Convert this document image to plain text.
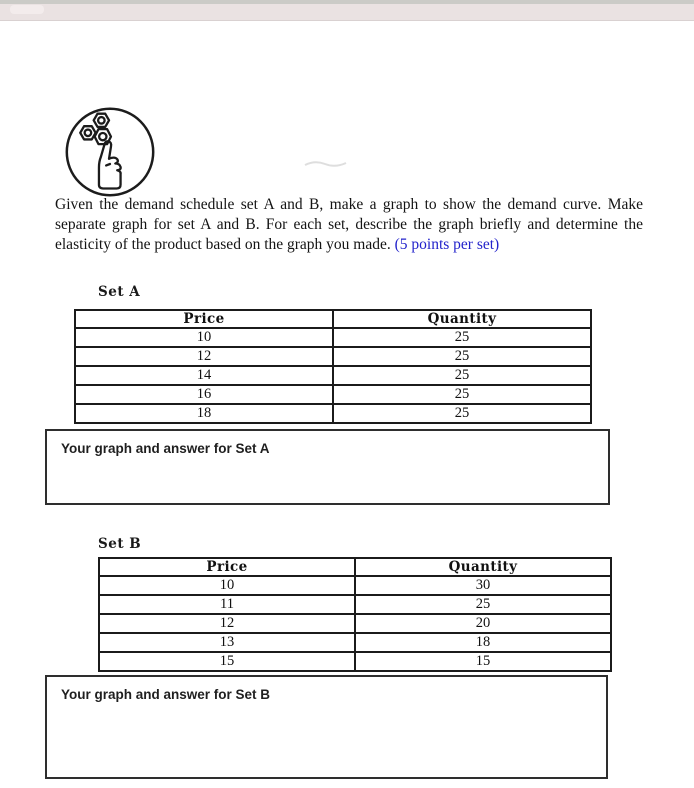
Given the demand schedule set A and B, make a graph to show the demand curve. Make separate graph for set A and B. For each set, describe the graph briefly and determine the elasticity of the product based on the graph you made. (5 points per set)
Set A
Price	Quantity
10	25
12	25
14	25
16	25
18	25
Your graph and answer for Set A
Set B
Price	Quantity
10	30
11	25
12	20
13	18
15	15
Your graph and answer for Set B
